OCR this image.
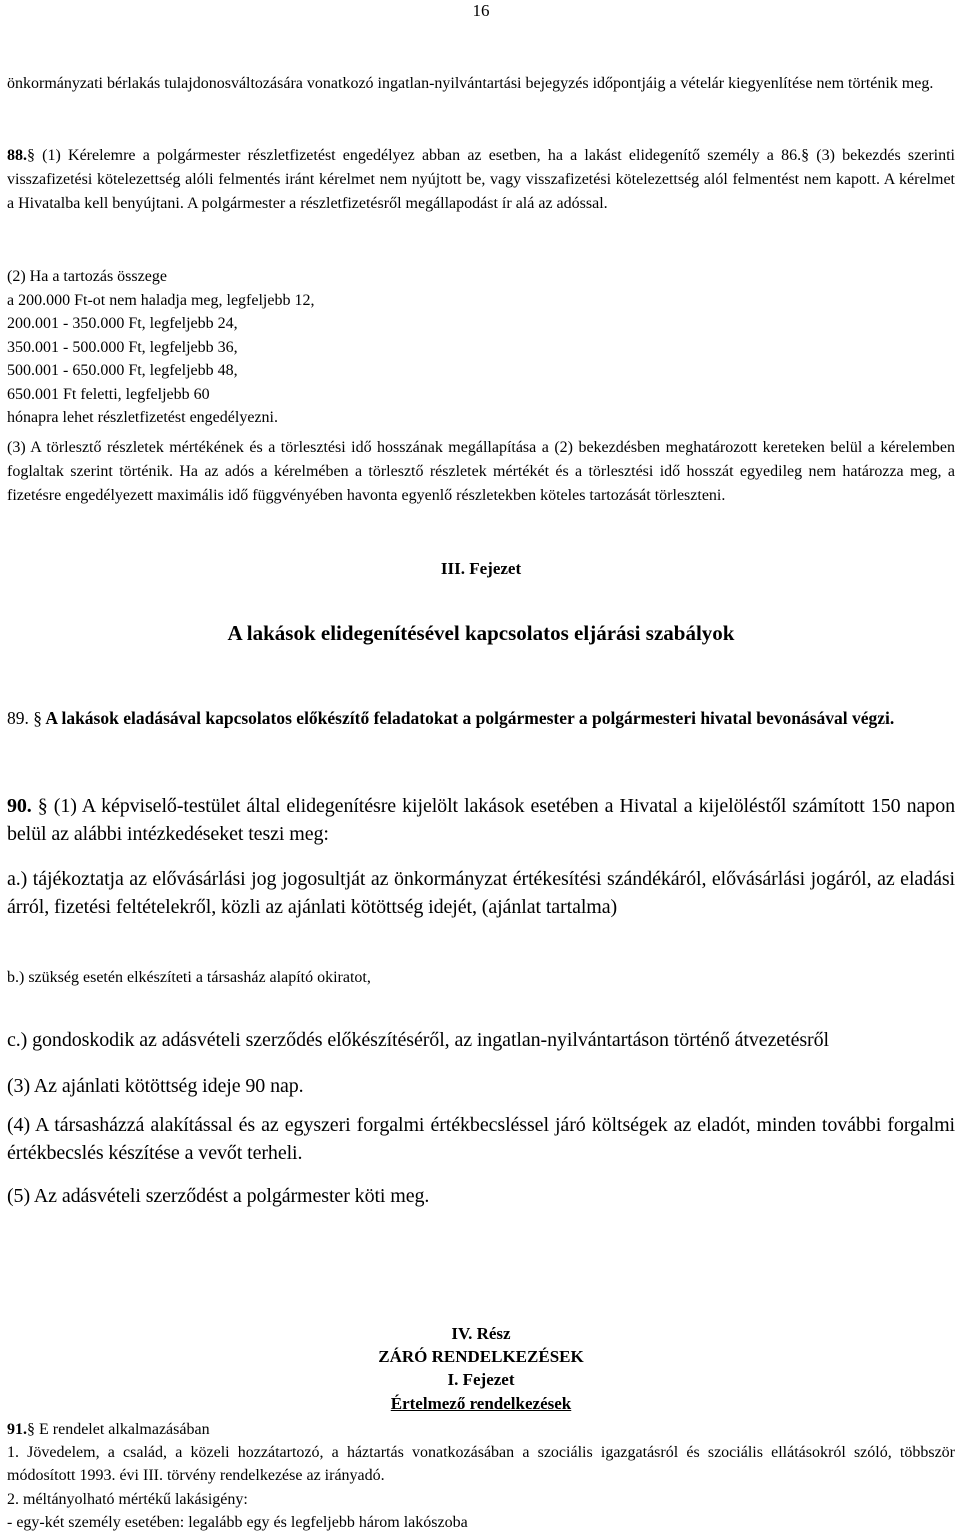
16

önkormányzati bérlakás tulajdonosváltozására vonatkozó ingatlan-nyilvántartási bejegyzés időpontjáig a vételár kiegyenlítése nem történik meg.

88.§ (1) Kérelemre a polgármester részletfizetést engedélyez abban az esetben, ha a lakást elidegenítő személy a 86.§ (3) bekezdés szerinti visszafizetési kötelezettség alóli felmentés iránt kérelmet nem nyújtott be, vagy visszafizetési kötelezettség alól felmentést nem kapott. A kérelmet a Hivatalba kell benyújtani. A polgármester a részletfizetésről megállapodást ír alá az adóssal.

(2) Ha a tartozás összege
a 200.000 Ft-ot nem haladja meg, legfeljebb 12,
200.001 - 350.000 Ft, legfeljebb 24,
350.001 - 500.000 Ft, legfeljebb 36,
500.001 - 650.000 Ft, legfeljebb 48,
650.001 Ft feletti, legfeljebb 60
hónapra lehet részletfizetést engedélyezni.

(3) A törlesztő részletek mértékének és a törlesztési idő hosszának megállapítása a (2) bekezdésben meghatározott kereteken belül a kérelemben foglaltak szerint történik. Ha az adós a kérelmében a törlesztő részletek mértékét és a törlesztési idő hosszát egyedileg nem határozza meg, a fizetésre engedélyezett maximális idő függvényében havonta egyenlő részletekben köteles tartozását törleszteni.

III. Fejezet

A lakások elidegenítésével kapcsolatos eljárási szabályok

89. § A lakások eladásával kapcsolatos előkészítő feladatokat a polgármester a polgármesteri hivatal bevonásával végzi.

90. § (1) A képviselő-testület által elidegenítésre kijelölt lakások esetében a Hivatal a kijelöléstől számított 150 napon belül az alábbi intézkedéseket teszi meg:

a.) tájékoztatja az elővásárlási jog jogosultját az önkormányzat értékesítési szándékáról, elővásárlási jogáról, az eladási árról, fizetési feltételekről, közli az ajánlati kötöttség idejét, (ajánlat tartalma)

b.) szükség esetén elkészíteti a társasház alapító okiratot,

c.) gondoskodik az adásvételi szerződés előkészítéséről, az ingatlan-nyilvántartáson történő átvezetésről

(3) Az ajánlati kötöttség ideje 90 nap.

(4) A társasházzá alakítással és az egyszeri forgalmi értékbecsléssel járó költségek az eladót, minden további forgalmi értékbecslés készítése a vevőt terheli.

(5) Az adásvételi szerződést a polgármester köti meg.

IV. Rész

ZÁRÓ RENDELKEZÉSEK

I. Fejezet

Értelmező rendelkezések

91.§ E rendelet alkalmazásában

1. Jövedelem, a család, a közeli hozzátartozó, a háztartás vonatkozásában a szociális igazgatásról és szociális ellátásokról szóló, többször módosított 1993. évi III. törvény rendelkezése az irányadó.

2. méltányolható mértékű lakásigény:

- egy-két személy esetében: legalább egy és legfeljebb három lakószoba
